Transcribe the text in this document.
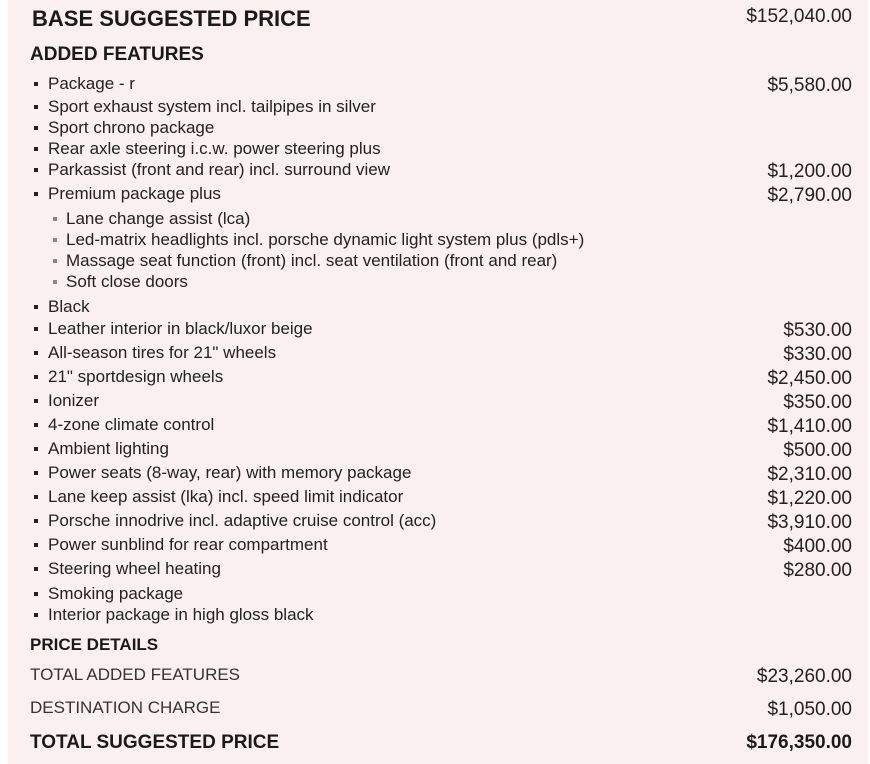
BASE SUGGESTED PRICE	$152,040.00
ADDED FEATURES
Package - r	$5,580.00
Sport exhaust system incl. tailpipes in silver
Sport chrono package
Rear axle steering i.c.w. power steering plus
Parkassist (front and rear) incl. surround view	$1,200.00
Premium package plus	$2,790.00
Lane change assist (lca)
Led-matrix headlights incl. porsche dynamic light system plus (pdls+)
Massage seat function (front) incl. seat ventilation (front and rear)
Soft close doors
Black
Leather interior in black/luxor beige	$530.00
All-season tires for 21" wheels	$330.00
21" sportdesign wheels	$2,450.00
Ionizer	$350.00
4-zone climate control	$1,410.00
Ambient lighting	$500.00
Power seats (8-way, rear) with memory package	$2,310.00
Lane keep assist (lka) incl. speed limit indicator	$1,220.00
Porsche innodrive incl. adaptive cruise control (acc)	$3,910.00
Power sunblind for rear compartment	$400.00
Steering wheel heating	$280.00
Smoking package
Interior package in high gloss black
PRICE DETAILS
TOTAL ADDED FEATURES	$23,260.00
DESTINATION CHARGE	$1,050.00
TOTAL SUGGESTED PRICE	$176,350.00
